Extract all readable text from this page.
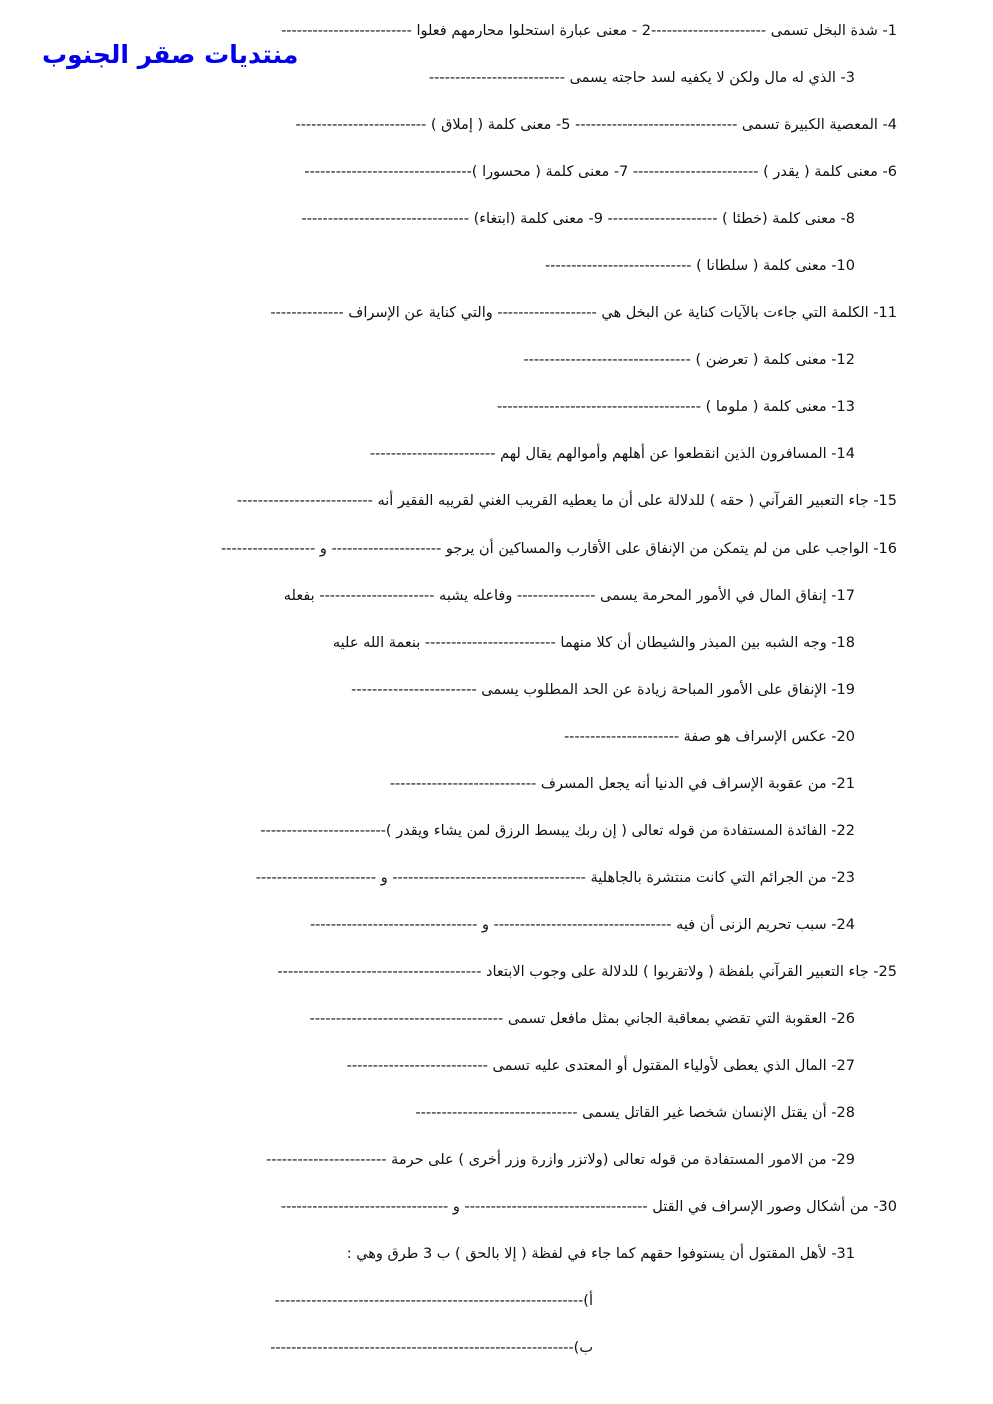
منتديات صقر الجنوب
1- شدة البخل تسمى ----------------------2 - معنى عبارة استحلوا محارمهم فعلوا -------------------------
3- الذي له مال ولكن لا يكفيه لسد حاجته يسمى --------------------------
4- المعصية الكبيرة تسمى ------------------------------- 5- معنى كلمة ( إملاق ) -------------------------
6- معنى كلمة ( يقدر ) ------------------------ 7- معنى كلمة ( محسورا )--------------------------------
8- معنى كلمة (خطئا ) --------------------- 9- معنى كلمة (ابتغاء) --------------------------------
10- معنى كلمة ( سلطانا ) ----------------------------
11- الكلمة التي جاءت بالآيات كناية عن البخل هي ------------------- والتي كناية عن الإسراف --------------
12- معنى كلمة ( تعرضن ) --------------------------------
13- معنى كلمة ( ملوما ) ---------------------------------------
14- المسافرون الذين انقطعوا عن أهلهم وأموالهم يقال لهم ------------------------
15- جاء التعبير القرآني ( حقه ) للدلالة على أن ما يعطيه القريب الغني لقريبه الفقير أنه --------------------------
16- الواجب على من لم يتمكن من الإنفاق على الأقارب والمساكين أن يرجو --------------------- و ------------------
17- إنفاق المال في الأمور المحرمة يسمى --------------- وفاعله يشبه ---------------------- بفعله
18- وجه الشبه بين المبذر والشيطان أن كلا منهما ------------------------- بنعمة الله عليه
19- الإنفاق على الأمور المباحة زيادة عن الحد المطلوب يسمى ------------------------
20- عكس الإسراف هو صفة ----------------------
21- من عقوبة الإسراف في الدنيا أنه يجعل المسرف ----------------------------
22- الفائدة المستفادة من قوله تعالى ( إن ربك يبسط الرزق لمن يشاء ويقدر )------------------------
23- من الجرائم التي كانت منتشرة بالجاهلية ------------------------------------- و -----------------------
24- سبب تحريم الزنى أن فيه ---------------------------------- و --------------------------------
25- جاء التعبير القرآني بلفظة ( ولاتقربوا ) للدلالة على وجوب الابتعاد ---------------------------------------
26- العقوبة التي تقضي بمعاقبة الجاني بمثل مافعل تسمى -------------------------------------
27- المال الذي يعطى لأولياء المقتول أو المعتدى عليه تسمى ---------------------------
28- أن يقتل الإنسان شخصا غير القاتل يسمى -------------------------------
29- من الامور المستفادة من قوله تعالى (ولاتزر وازرة وزر أخرى ) على حرمة -----------------------
30- من أشكال وصور الإسراف في القتل ----------------------------------- و --------------------------------
31- لأهل المقتول أن يستوفوا حقهم كما جاء في لفظة ( إلا بالحق ) ب 3 طرق وهي :
أ)-----------------------------------------------------------
ب)----------------------------------------------------------
